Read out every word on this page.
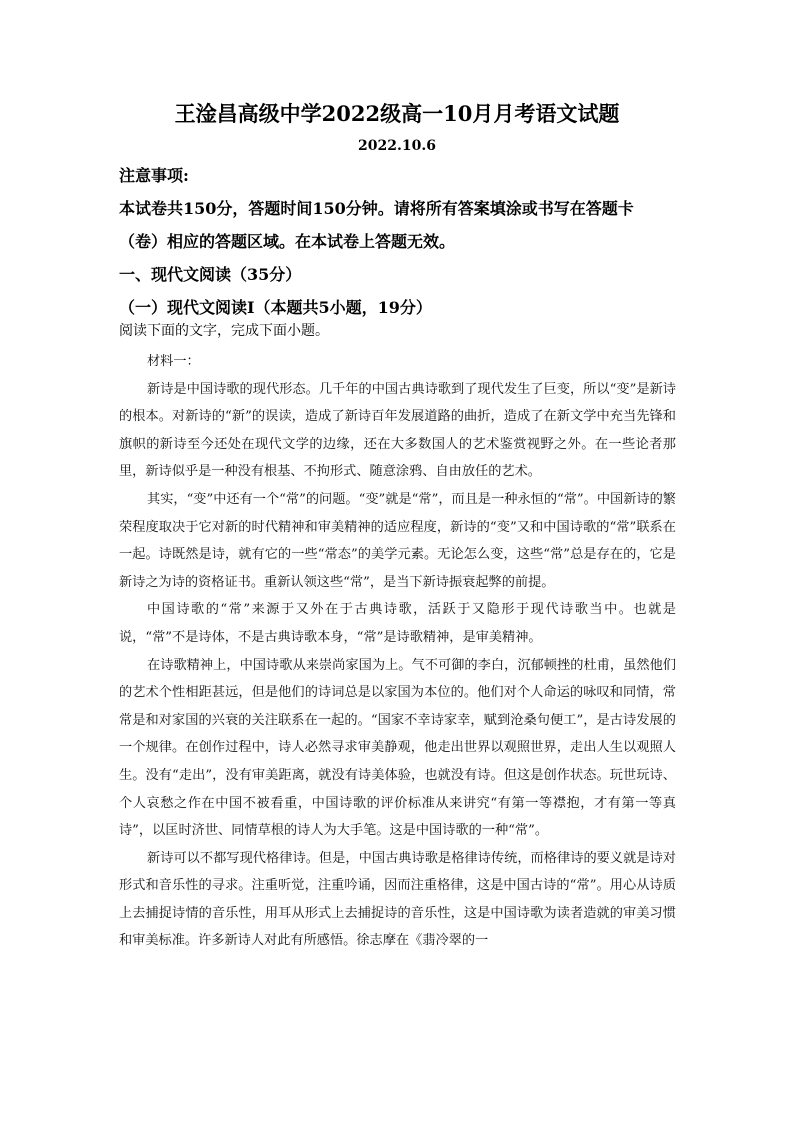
王淦昌高级中学2022级高一10月月考语文试题
2022.10.6
注意事项:
本试卷共150分，答题时间150分钟。请将所有答案填涂或书写在答题卡
（卷）相应的答题区域。在本试卷上答题无效。
一、现代文阅读（35分）
（一）现代文阅读Ⅰ（本题共5小题，19分）
阅读下面的文字，完成下面小题。

材料一：

新诗是中国诗歌的现代形态。几千年的中国古典诗歌到了现代发生了巨变，所以“变”是新诗的根本。对新诗的“新”的误读，造成了新诗百年发展道路的曲折，造成了在新文学中充当先锋和旗帜的新诗至今还处在现代文学的边缘，还在大多数国人的艺术鉴赏视野之外。在一些论者那里，新诗似乎是一种没有根基、不拘形式、随意涂鸦、自由放任的艺术。

其实，“变”中还有一个“常”的问题。“变”就是“常”，而且是一种永恒的“常”。中国新诗的繁荣程度取决于它对新的时代精神和审美精神的适应程度，新诗的“变”又和中国诗歌的“常”联系在一起。诗既然是诗，就有它的一些“常态”的美学元素。无论怎么变，这些“常”总是存在的，它是新诗之为诗的资格证书。重新认领这些“常”，是当下新诗振衰起弊的前提。

中国诗歌的“常”来源于又外在于古典诗歌，活跃于又隐形于现代诗歌当中。也就是说，“常”不是诗体，不是古典诗歌本身，“常”是诗歌精神，是审美精神。

在诗歌精神上，中国诗歌从来崇尚家国为上。气不可御的李白，沉郁顿挫的杜甫，虽然他们的艺术个性相距甚远，但是他们的诗词总是以家国为本位的。他们对个人命运的咏叹和同情，常常是和对家国的兴衰的关注联系在一起的。“国家不幸诗家幸，赋到沧桑句便工”，是古诗发展的一个规律。在创作过程中，诗人必然寻求审美静观，他走出世界以观照世界，走出人生以观照人生。没有“走出”，没有审美距离，就没有诗美体验，也就没有诗。但这是创作状态。玩世玩诗、个人哀愁之作在中国不被看重，中国诗歌的评价标准从来讲究“有第一等襟抱，才有第一等真诗”，以匡时济世、同情草根的诗人为大手笔。这是中国诗歌的一种“常”。

新诗可以不都写现代格律诗。但是，中国古典诗歌是格律诗传统，而格律诗的要义就是诗对形式和音乐性的寻求。注重听觉，注重吟诵，因而注重格律，这是中国古诗的“常”。用心从诗质上去捕捉诗情的音乐性，用耳从形式上去捕捉诗的音乐性，这是中国诗歌为读者造就的审美习惯和审美标准。许多新诗人对此有所感悟。徐志摩在《翡冷翠的一
